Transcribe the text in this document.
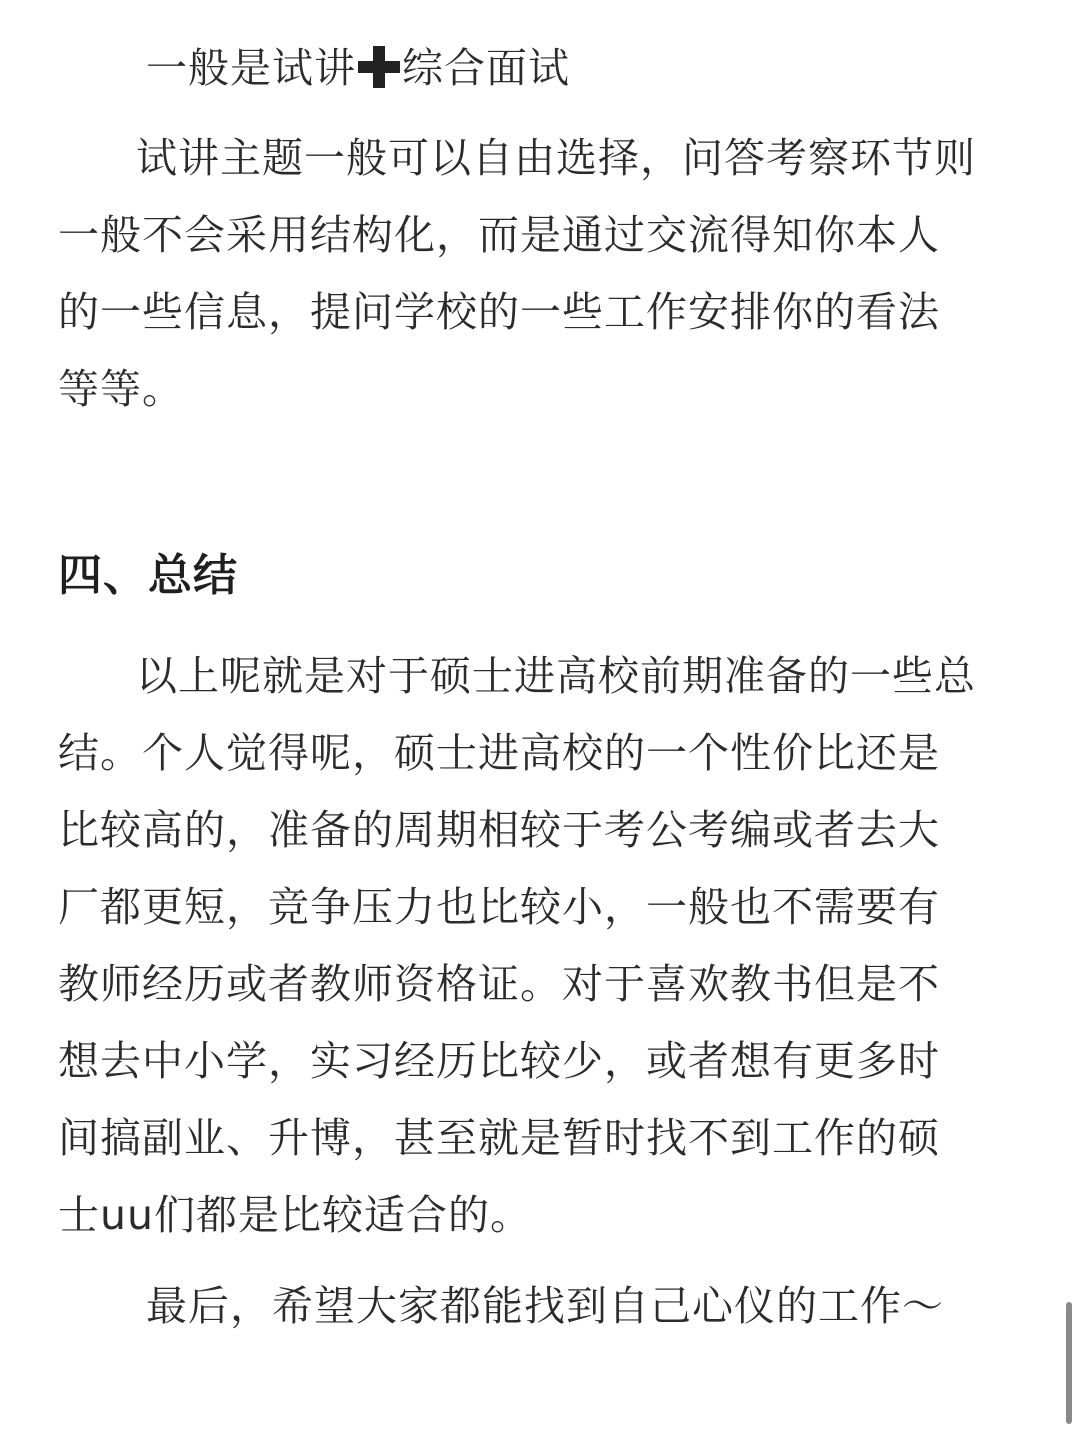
一般是试讲 综合面试
试讲主题一般可以自由选择，问答考察环节则
一般不会采用结构化，而是通过交流得知你本人
的一些信息，提问学校的一些工作安排你的看法
等等。
四、总结
以上呢就是对于硕士进高校前期准备的一些总
结。个人觉得呢，硕士进高校的一个性价比还是
比较高的，准备的周期相较于考公考编或者去大
厂都更短，竞争压力也比较小，一般也不需要有
教师经历或者教师资格证。对于喜欢教书但是不
想去中小学，实习经历比较少，或者想有更多时
间搞副业、升博，甚至就是暂时找不到工作的硕
士uu们都是比较适合的。
最后，希望大家都能找到自己心仪的工作～
